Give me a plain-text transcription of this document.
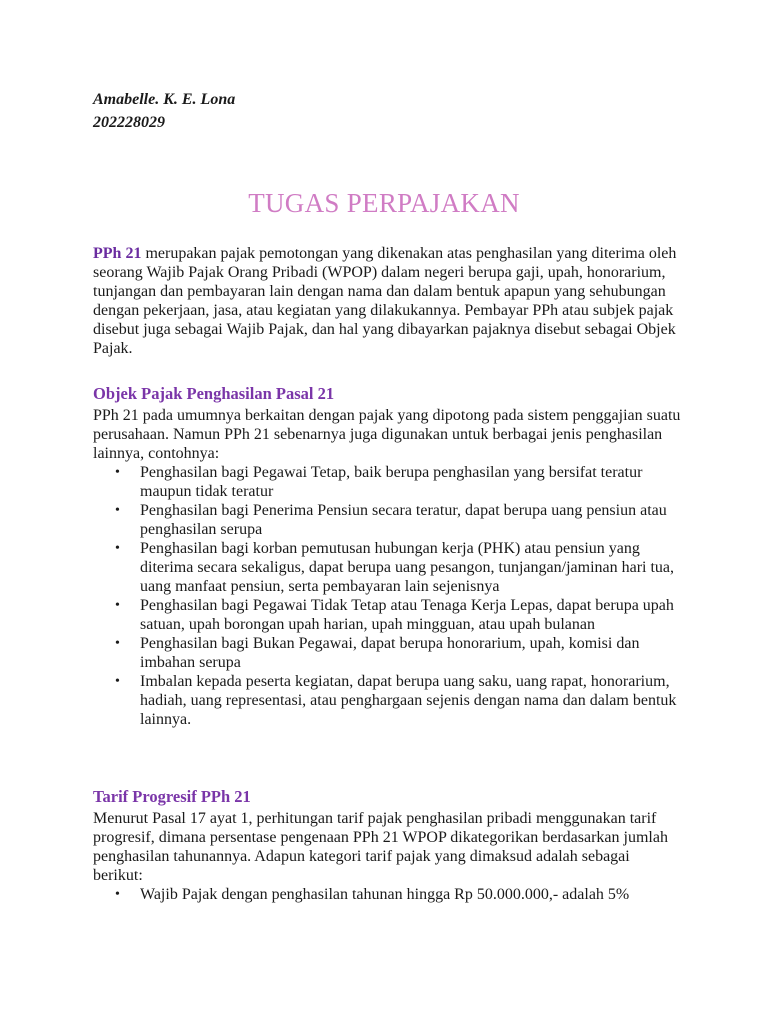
Amabelle. K. E. Lona
202228029
TUGAS PERPAJAKAN
PPh 21 merupakan pajak pemotongan yang dikenakan atas penghasilan yang diterima oleh seorang Wajib Pajak Orang Pribadi (WPOP) dalam negeri berupa gaji, upah, honorarium, tunjangan dan pembayaran lain dengan nama dan dalam bentuk apapun yang sehubungan dengan pekerjaan, jasa, atau kegiatan yang dilakukannya. Pembayar PPh atau subjek pajak disebut juga sebagai Wajib Pajak, dan hal yang dibayarkan pajaknya disebut sebagai Objek Pajak.
Objek Pajak Penghasilan Pasal 21
PPh 21 pada umumnya berkaitan dengan pajak yang dipotong pada sistem penggajian suatu perusahaan. Namun PPh 21 sebenarnya juga digunakan untuk berbagai jenis penghasilan lainnya, contohnya:
• Penghasilan bagi Pegawai Tetap, baik berupa penghasilan yang bersifat teratur maupun tidak teratur
• Penghasilan bagi Penerima Pensiun secara teratur, dapat berupa uang pensiun atau penghasilan serupa
• Penghasilan bagi korban pemutusan hubungan kerja (PHK) atau pensiun yang diterima secara sekaligus, dapat berupa uang pesangon, tunjangan/jaminan hari tua, uang manfaat pensiun, serta pembayaran lain sejenisnya
• Penghasilan bagi Pegawai Tidak Tetap atau Tenaga Kerja Lepas, dapat berupa upah satuan, upah borongan upah harian, upah mingguan, atau upah bulanan
• Penghasilan bagi Bukan Pegawai, dapat berupa honorarium, upah, komisi dan imbahan serupa
• Imbalan kepada peserta kegiatan, dapat berupa uang saku, uang rapat, honorarium, hadiah, uang representasi, atau penghargaan sejenis dengan nama dan dalam bentuk lainnya.
Tarif Progresif PPh 21
Menurut Pasal 17 ayat 1, perhitungan tarif pajak penghasilan pribadi menggunakan tarif progresif, dimana persentase pengenaan PPh 21 WPOP dikategorikan berdasarkan jumlah penghasilan tahunannya. Adapun kategori tarif pajak yang dimaksud adalah sebagai berikut:
• Wajib Pajak dengan penghasilan tahunan hingga Rp 50.000.000,- adalah 5%
